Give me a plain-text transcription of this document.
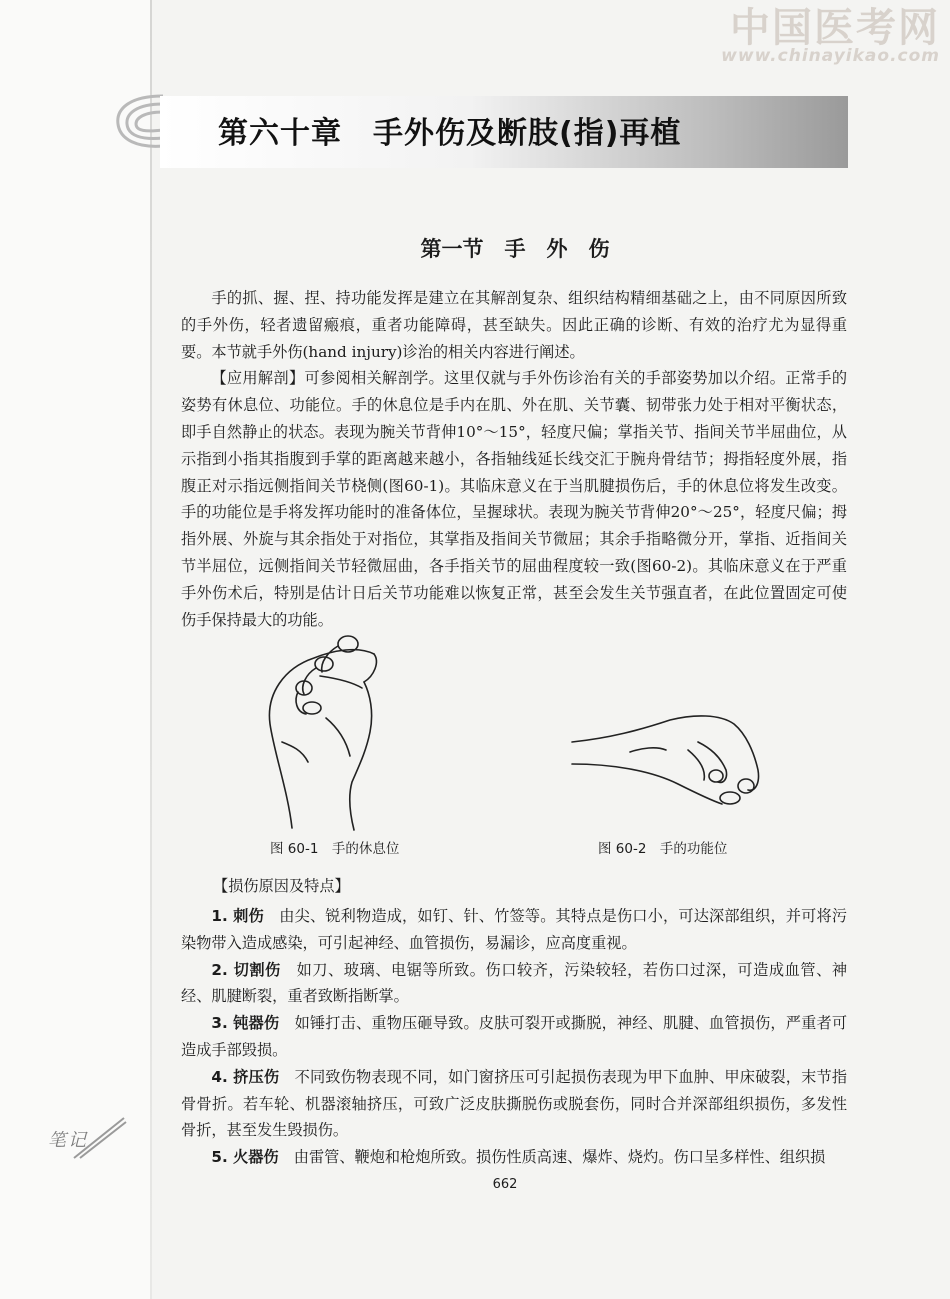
中国医考网
www.chinayikao.com
第六十章　手外伤及断肢(指)再植
第一节　手　外　伤

手的抓、握、捏、持功能发挥是建立在其解剖复杂、组织结构精细基础之上，由不同原因所致的手外伤，轻者遗留瘢痕，重者功能障碍，甚至缺失。因此正确的诊断、有效的治疗尤为显得重要。本节就手外伤(hand injury)诊治的相关内容进行阐述。

【应用解剖】可参阅相关解剖学。这里仅就与手外伤诊治有关的手部姿势加以介绍。正常手的姿势有休息位、功能位。手的休息位是手内在肌、外在肌、关节囊、韧带张力处于相对平衡状态，即手自然静止的状态。表现为腕关节背伸10°～15°，轻度尺偏；掌指关节、指间关节半屈曲位，从示指到小指其指腹到手掌的距离越来越小，各指轴线延长线交汇于腕舟骨结节；拇指轻度外展，指腹正对示指远侧指间关节桡侧(图60-1)。其临床意义在于当肌腱损伤后，手的休息位将发生改变。手的功能位是手将发挥功能时的准备体位，呈握球状。表现为腕关节背伸20°～25°，轻度尺偏；拇指外展、外旋与其余指处于对指位，其掌指及指间关节微屈；其余手指略微分开，掌指、近指间关节半屈位，远侧指间关节轻微屈曲，各手指关节的屈曲程度较一致(图60-2)。其临床意义在于严重手外伤术后，特别是估计日后关节功能难以恢复正常，甚至会发生关节强直者，在此位置固定可使伤手保持最大的功能。

图 60-1　手的休息位	图 60-2　手的功能位
【损伤原因及特点】

1. 刺伤　 由尖、锐利物造成，如钉、针、竹签等。其特点是伤口小，可达深部组织，并可将污染物带入造成感染，可引起神经、血管损伤，易漏诊，应高度重视。

2. 切割伤　 如刀、玻璃、电锯等所致。伤口较齐，污染较轻，若伤口过深，可造成血管、神经、肌腱断裂，重者致断指断掌。

3. 钝器伤　 如锤打击、重物压砸导致。皮肤可裂开或撕脱，神经、肌腱、血管损伤，严重者可造成手部毁损。

4. 挤压伤　 不同致伤物表现不同，如门窗挤压可引起损伤表现为甲下血肿、甲床破裂，末节指骨骨折。若车轮、机器滚轴挤压，可致广泛皮肤撕脱伤或脱套伤，同时合并深部组织损伤，多发性骨折，甚至发生毁损伤。

5. 火器伤　 由雷管、鞭炮和枪炮所致。损伤性质高速、爆炸、烧灼。伤口呈多样性、组织损

笔记
662
